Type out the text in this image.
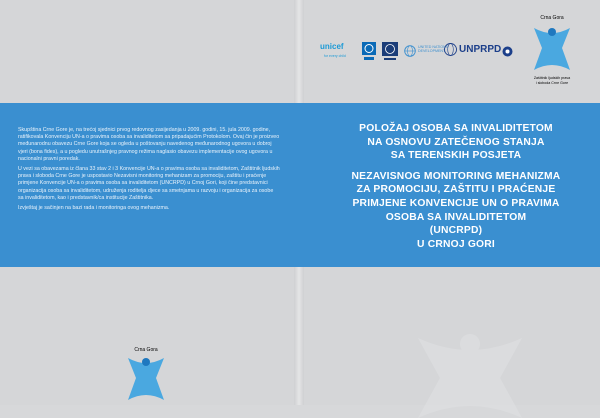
Skupština Crne Gore je, na trećoj sjednici prvog redovnog zasijedanja u 2009. godini, 15. jula 2009. godine, ratifikovala Konvenciju UN-a o pravima osoba sa invaliditetom sa pripadajućim Protokolom. Ovaj čin je proizveo međunarodnu obavezu Crne Gore koja se ogleda u poštovanju navedenog međunarodnog ugovora u dobroj vjeri (bona fides), a u pogledu unutrašnjeg pravnog režima naglasio obavezu implementacije ovog ugovora u nacionalni pravni poredak.

U vezi sa obavezama iz člana 33 stav 2 i 3 Konvencije UN-a o pravima osoba sa invaliditetom, Zaštitnik ljudskih prava i sloboda Crne Gore je uspostavio Nezavisni monitoring mehanizam za promociju, zaštitu i praćenje primjene Konvencije UN-a o pravima osoba sa invaliditetom (UNCRPD) u Crnoj Gori, koji čine predstavnici organizacija osoba sa invaliditetom, udruženja roditelja djece sa smetnjama u razvoju i organizacija za osobe sa invaliditetom, kao i predstavnik/ca institucije Zaštitnika.

Izvještaj je sačinjen na bazi rada i monitoringa ovog mehanizma.

POLOŽAJ OSOBA SA INVALIDITETOM
NA OSNOVU ZATEČENOG STANJA
SA TERENSKIH POSJETA
NEZAVISNOG MONITORING MEHANIZMA
ZA PROMOCIJU, ZAŠTITU I PRAĆENJE
PRIMJENE KONVENCIJE UN O PRAVIMA
OSOBA SA INVALIDITETOM
(UNCRPD)
U CRNOJ GORI
unicef
for every child
UNITED NATIONS
DEVELOPMENT UNPRPD
Crna Gora
Zaštitnik ljudskih prava
i sloboda Crne Gore
Crna Gora
